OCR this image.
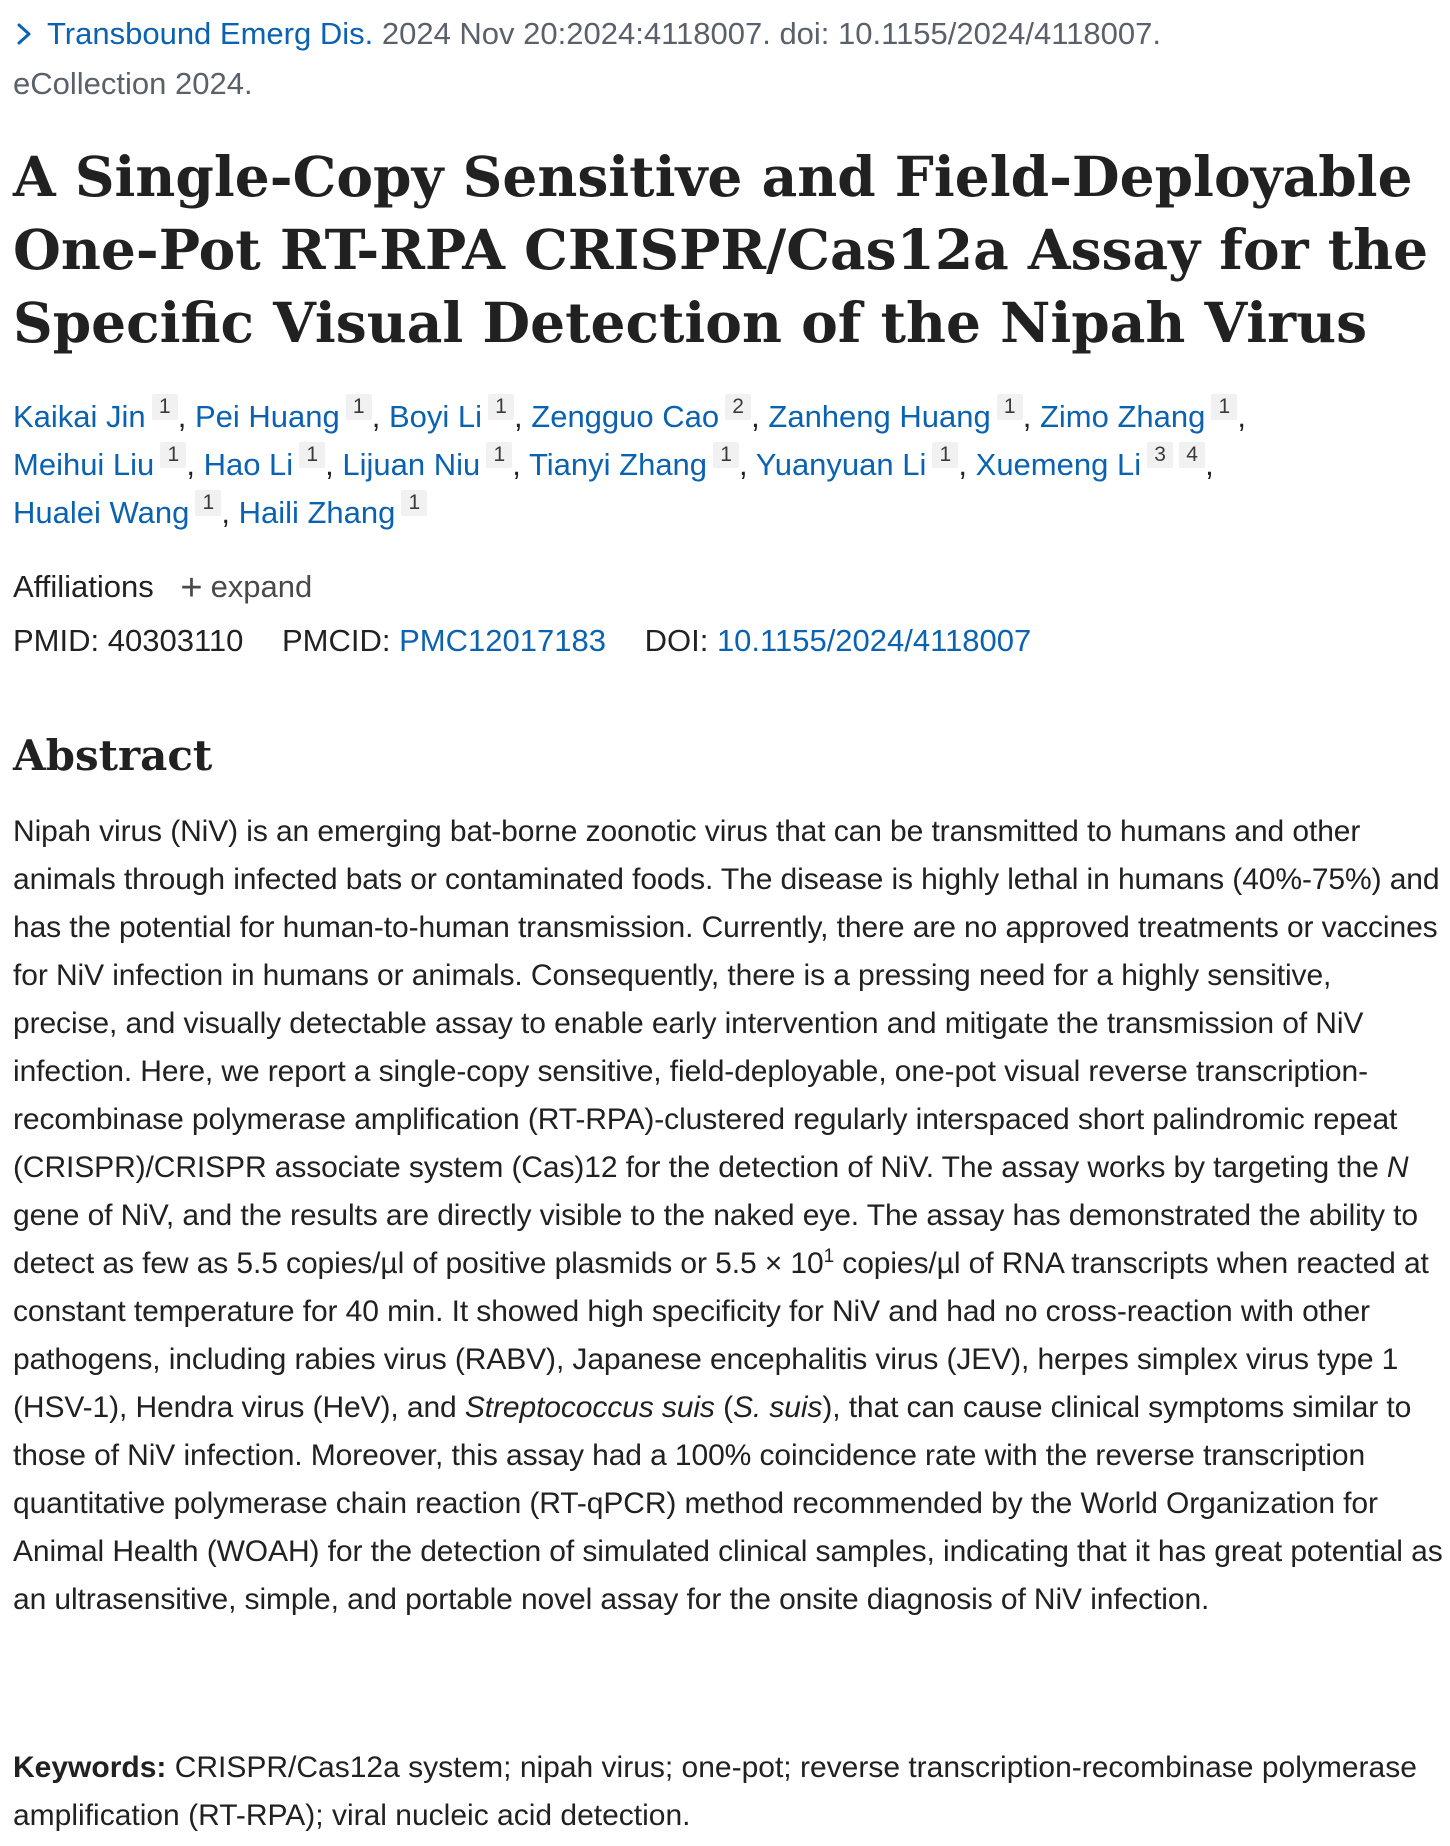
Transbound Emerg Dis. 2024 Nov 20:2024:4118007. doi: 10.1155/2024/4118007.
eCollection 2024.
A Single-Copy Sensitive and Field-Deployable One-Pot RT-RPA CRISPR/Cas12a Assay for the Specific Visual Detection of the Nipah Virus
Kaikai Jin 1 , Pei Huang 1 , Boyi Li 1 , Zengguo Cao 2 , Zanheng Huang 1 , Zimo Zhang 1 , Meihui Liu 1 , Hao Li 1 , Lijuan Niu 1 , Tianyi Zhang 1 , Yuanyuan Li 1 , Xuemeng Li 3 4 , Hualei Wang 1 , Haili Zhang 1
Affiliations + expand
PMID: 40303110 PMCID: PMC12017183 DOI: 10.1155/2024/4118007
Abstract

Nipah virus (NiV) is an emerging bat-borne zoonotic virus that can be transmitted to humans and other animals through infected bats or contaminated foods. The disease is highly lethal in humans (40%-75%) and has the potential for human-to-human transmission. Currently, there are no approved treatments or vaccines for NiV infection in humans or animals. Consequently, there is a pressing need for a highly sensitive, precise, and visually detectable assay to enable early intervention and mitigate the transmission of NiV infection. Here, we report a single-copy sensitive, field-deployable, one-pot visual reverse transcription-recombinase polymerase amplification (RT-RPA)-clustered regularly interspaced short palindromic repeat (CRISPR)/CRISPR associate system (Cas)12 for the detection of NiV. The assay works by targeting the N gene of NiV, and the results are directly visible to the naked eye. The assay has demonstrated the ability to detect as few as 5.5 copies/µl of positive plasmids or $5.5 \times 10^1$ copies/µl of RNA transcripts when reacted at constant temperature for 40 min. It showed high specificity for NiV and had no cross-reaction with other pathogens, including rabies virus (RABV), Japanese encephalitis virus (JEV), herpes simplex virus type 1 (HSV-1), Hendra virus (HeV), and Streptococcus suis (S. suis), that can cause clinical symptoms similar to those of NiV infection. Moreover, this assay had a 100% coincidence rate with the reverse transcription quantitative polymerase chain reaction (RT-qPCR) method recommended by the World Organization for Animal Health (WOAH) for the detection of simulated clinical samples, indicating that it has great potential as an ultrasensitive, simple, and portable novel assay for the onsite diagnosis of NiV infection.

Keywords: CRISPR/Cas12a system; nipah virus; one-pot; reverse transcription-recombinase polymerase amplification (RT-RPA); viral nucleic acid detection.
